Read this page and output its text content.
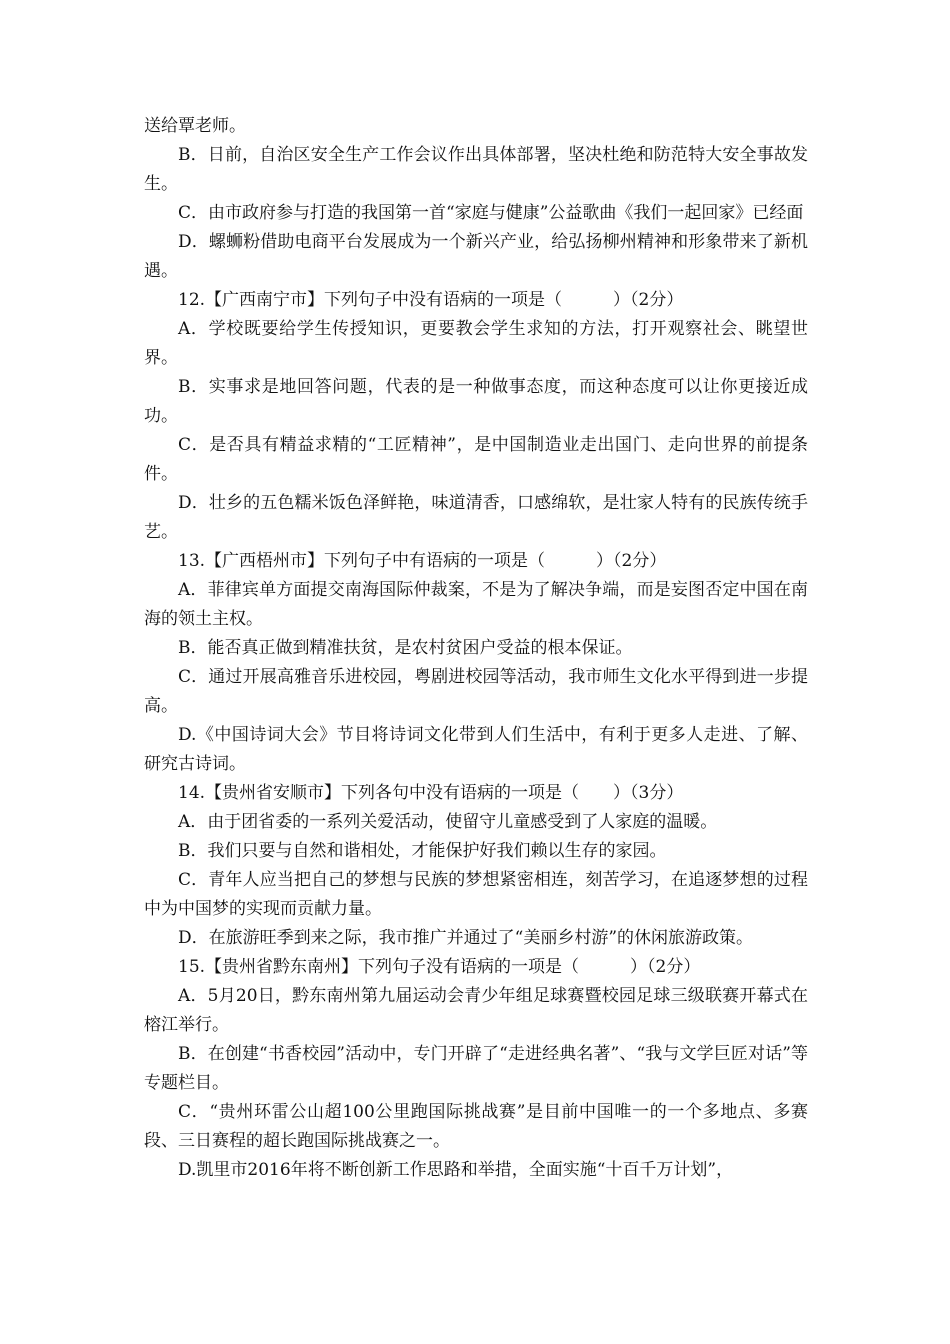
送给覃老师。

B．日前，自治区安全生产工作会议作出具体部署，坚决杜绝和防范特大安全事故发生。

C．由市政府参与打造的我国第一首“家庭与健康”公益歌曲《我们一起回家》已经面

D．螺蛳粉借助电商平台发展成为一个新兴产业，给弘扬柳州精神和形象带来了新机遇。

12.【广西南宁市】下列句子中没有语病的一项是（　　　）（2分）

A．学校既要给学生传授知识，更要教会学生求知的方法，打开观察社会、眺望世界。

B．实事求是地回答问题，代表的是一种做事态度，而这种态度可以让你更接近成功。

C．是否具有精益求精的“工匠精神”，是中国制造业走出国门、走向世界的前提条件。

D．壮乡的五色糯米饭色泽鲜艳，味道清香，口感绵软，是壮家人特有的民族传统手艺。

13.【广西梧州市】下列句子中有语病的一项是（　　　）（2分）

A．菲律宾单方面提交南海国际仲裁案，不是为了解决争端，而是妄图否定中国在南海的领土主权。

B．能否真正做到精准扶贫，是农村贫困户受益的根本保证。

C．通过开展高雅音乐进校园，粤剧进校园等活动，我市师生文化水平得到进一步提高。

D.《中国诗词大会》节目将诗词文化带到人们生活中，有利于更多人走进、了解、研究古诗词。

14.【贵州省安顺市】下列各句中没有语病的一项是（　　）（3分）

A．由于团省委的一系列关爱活动，使留守儿童感受到了人家庭的温暖。

B．我们只要与自然和谐相处，才能保护好我们赖以生存的家园。

C．青年人应当把自己的梦想与民族的梦想紧密相连，刻苦学习，在追逐梦想的过程中为中国梦的实现而贡献力量。

D．在旅游旺季到来之际，我市推广并通过了“美丽乡村游”的休闲旅游政策。

15.【贵州省黔东南州】下列句子没有语病的一项是（　　　）（2分）

A．5月20日，黔东南州第九届运动会青少年组足球赛暨校园足球三级联赛开幕式在榕江举行。

B．在创建“书香校园”活动中，专门开辟了“走进经典名著”、“我与文学巨匠对话”等专题栏目。

C．“贵州环雷公山超100公里跑国际挑战赛”是目前中国唯一的一个多地点、多赛段、三日赛程的超长跑国际挑战赛之一。

D.凯里市2016年将不断创新工作思路和举措，全面实施“十百千万计划”，
